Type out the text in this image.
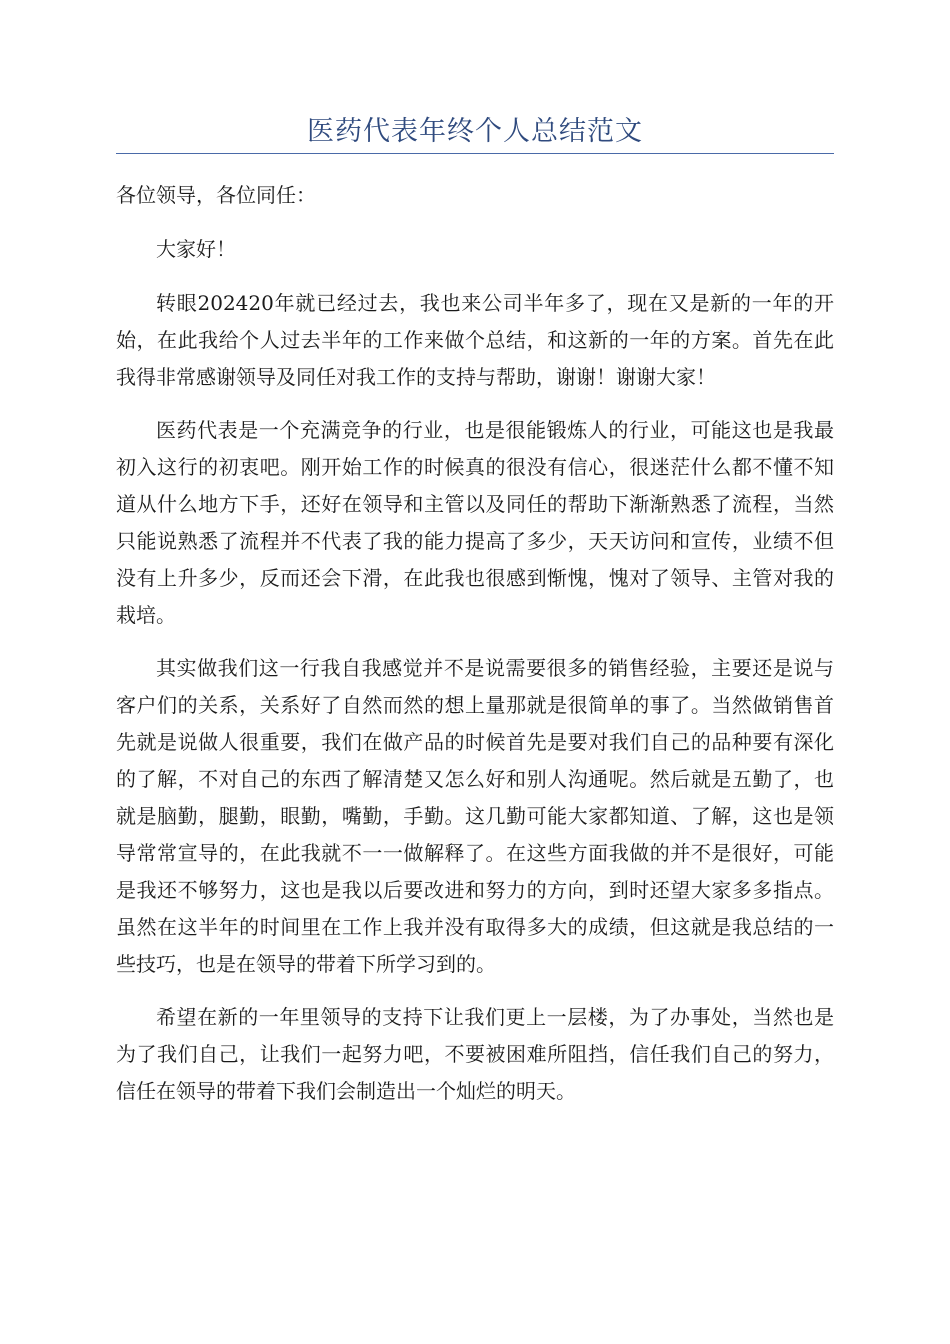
医药代表年终个人总结范文

各位领导，各位同任：

大家好！

转眼202420年就已经过去，我也来公司半年多了，现在又是新的一年的开始，在此我给个人过去半年的工作来做个总结，和这新的一年的方案。首先在此我得非常感谢领导及同任对我工作的支持与帮助，谢谢！谢谢大家！

医药代表是一个充满竞争的行业，也是很能锻炼人的行业，可能这也是我最初入这行的初衷吧。刚开始工作的时候真的很没有信心，很迷茫什么都不懂不知道从什么地方下手，还好在领导和主管以及同任的帮助下渐渐熟悉了流程，当然只能说熟悉了流程并不代表了我的能力提高了多少，天天访问和宣传，业绩不但没有上升多少，反而还会下滑，在此我也很感到惭愧，愧对了领导、主管对我的栽培。

其实做我们这一行我自我感觉并不是说需要很多的销售经验，主要还是说与客户们的关系，关系好了自然而然的想上量那就是很简单的事了。当然做销售首先就是说做人很重要，我们在做产品的时候首先是要对我们自己的品种要有深化的了解，不对自己的东西了解清楚又怎么好和别人沟通呢。然后就是五勤了，也就是脑勤，腿勤，眼勤，嘴勤，手勤。这几勤可能大家都知道、了解，这也是领导常常宣导的，在此我就不一一做解释了。在这些方面我做的并不是很好，可能是我还不够努力，这也是我以后要改进和努力的方向，到时还望大家多多指点。虽然在这半年的时间里在工作上我并没有取得多大的成绩，但这就是我总结的一些技巧，也是在领导的带着下所学习到的。

希望在新的一年里领导的支持下让我们更上一层楼，为了办事处，当然也是为了我们自己，让我们一起努力吧，不要被困难所阻挡，信任我们自己的努力，信任在领导的带着下我们会制造出一个灿烂的明天。
